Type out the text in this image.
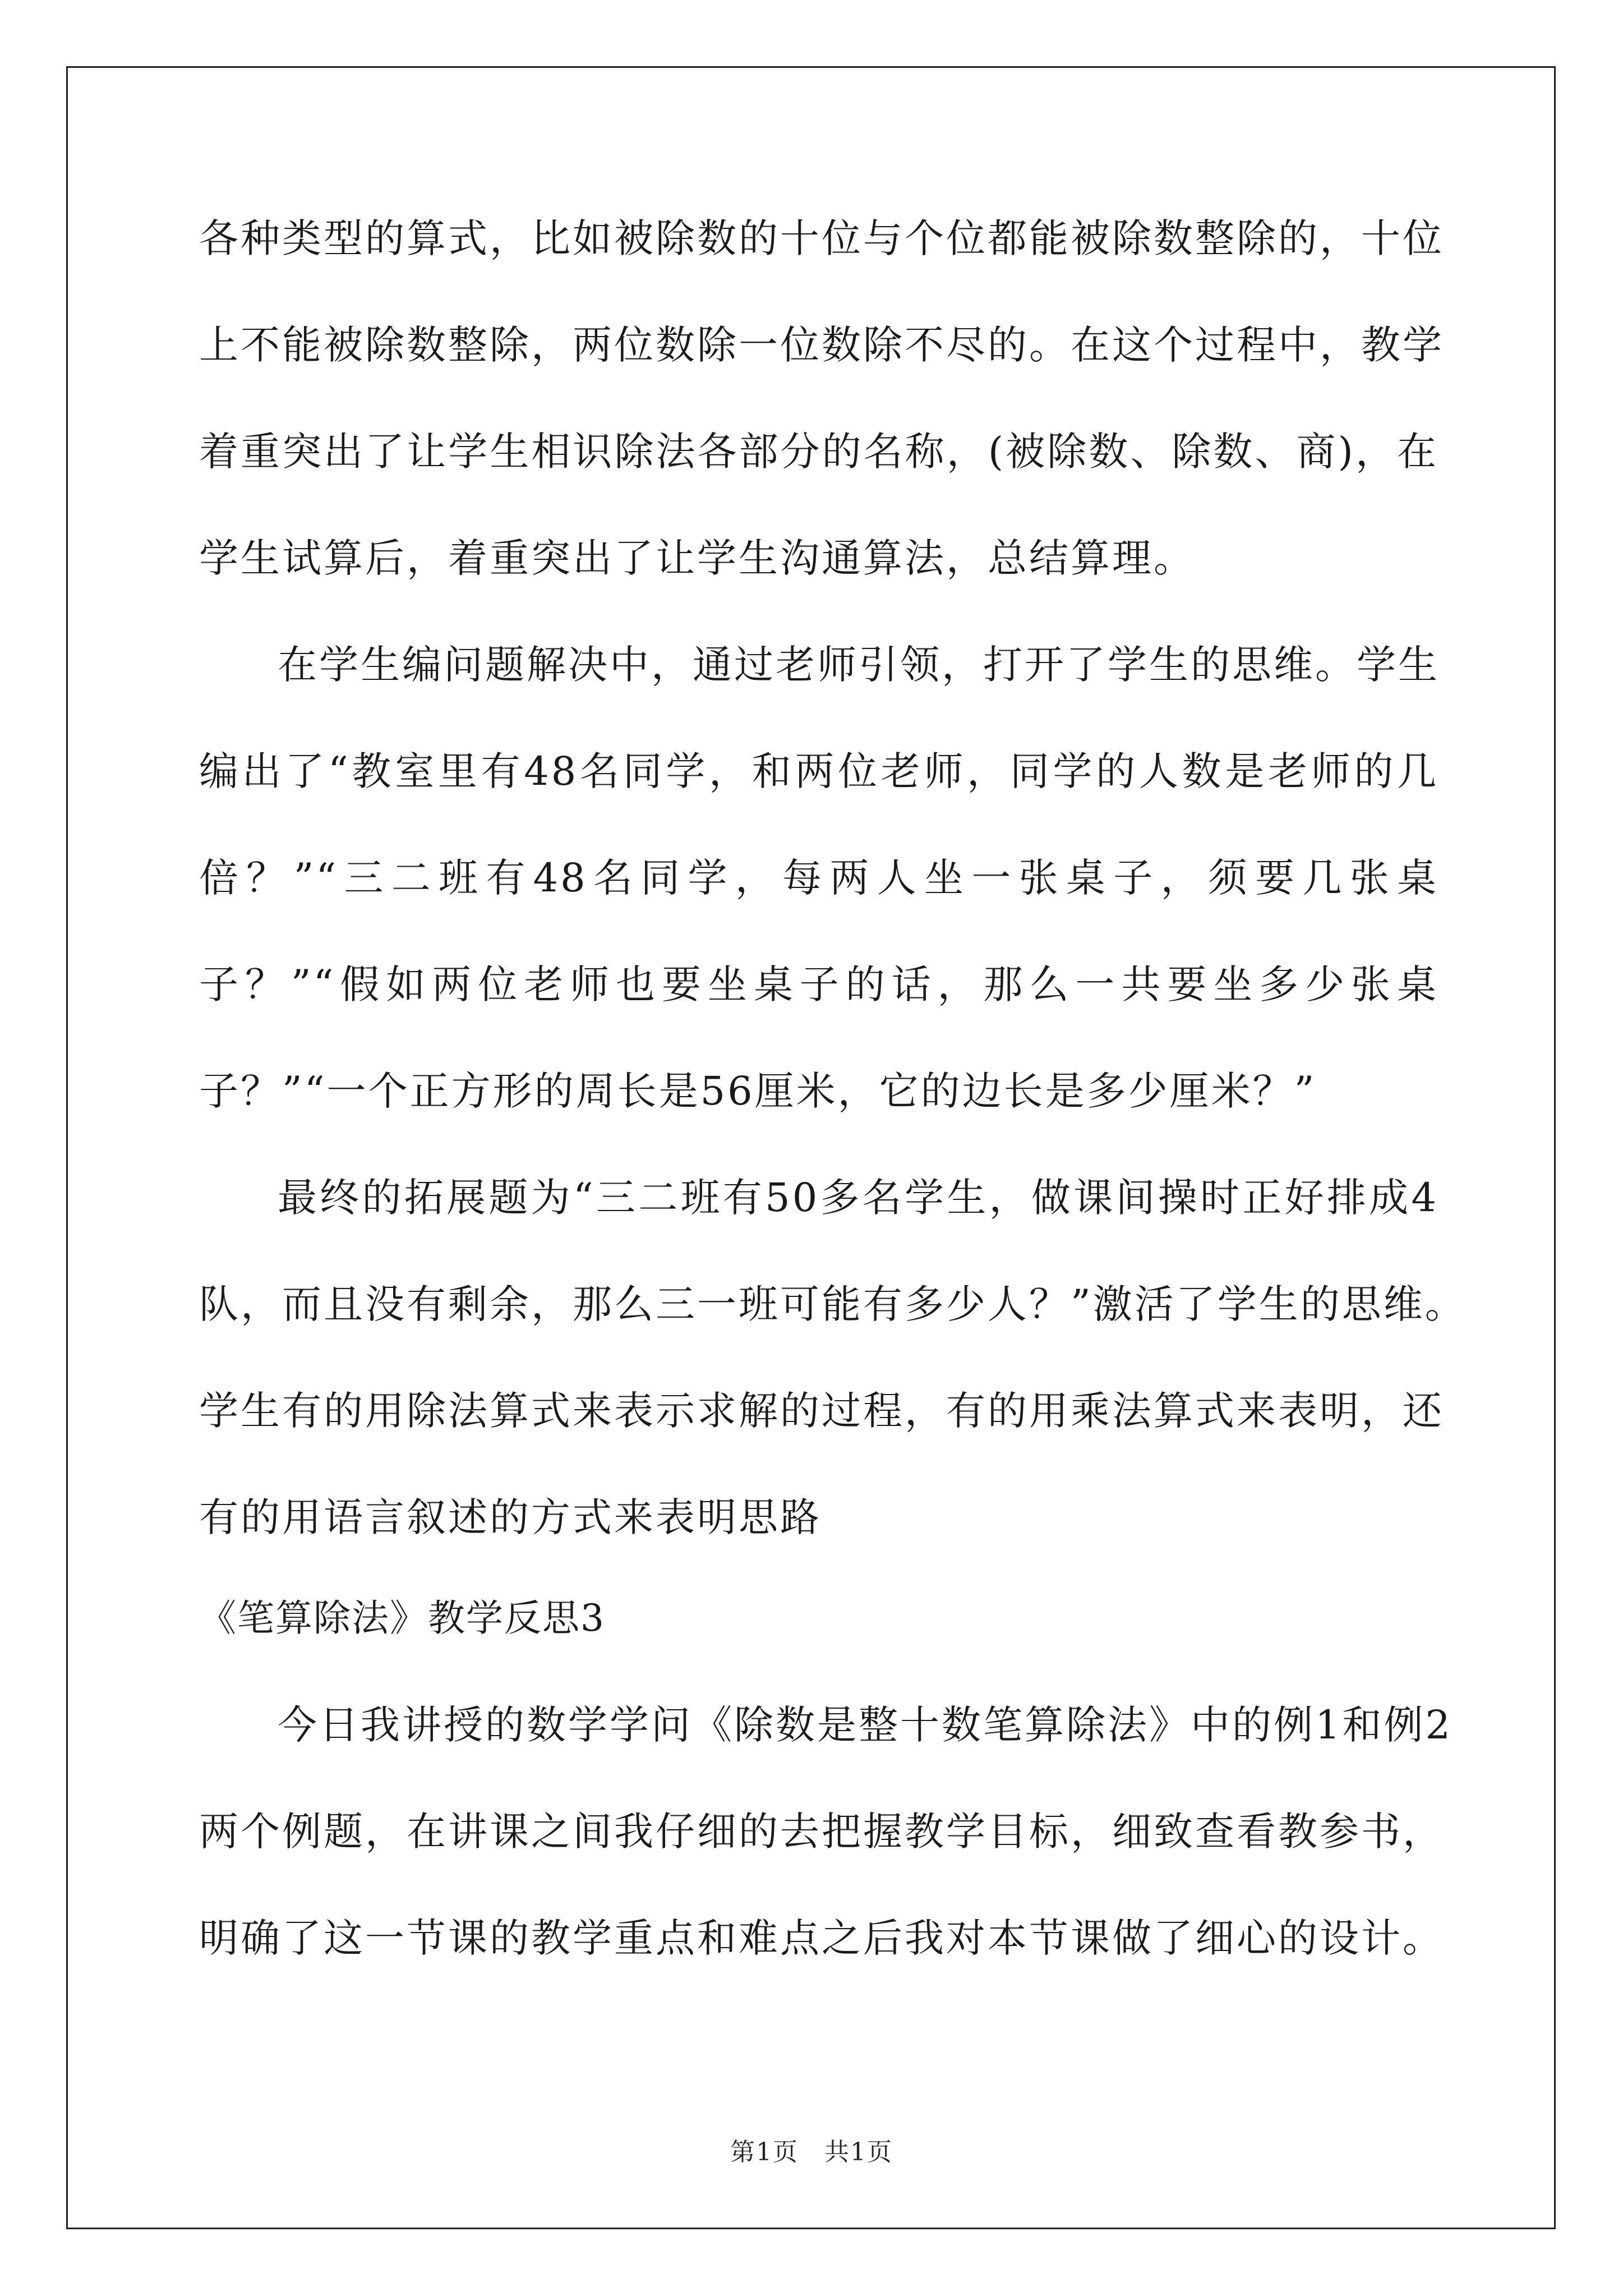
各种类型的算式，比如被除数的十位与个位都能被除数整除的，十位
上不能被除数整除，两位数除一位数除不尽的。在这个过程中，教学
着重突出了让学生相识除法各部分的名称，(被除数、除数、商)，在
学生试算后，着重突出了让学生沟通算法，总结算理。
在学生编问题解决中，通过老师引领，打开了学生的思维。学生
编出了“教室里有48名同学，和两位老师，同学的人数是老师的几
倍？”“三二班有48名同学，每两人坐一张桌子，须要几张桌
子？”“假如两位老师也要坐桌子的话，那么一共要坐多少张桌
子？”“一个正方形的周长是56厘米，它的边长是多少厘米？”
最终的拓展题为“三二班有50多名学生，做课间操时正好排成4
队，而且没有剩余，那么三一班可能有多少人？”激活了学生的思维。
学生有的用除法算式来表示求解的过程，有的用乘法算式来表明，还
有的用语言叙述的方式来表明思路
《笔算除法》教学反思3
今日我讲授的数学学问《除数是整十数笔算除法》中的例1和例2
两个例题，在讲课之间我仔细的去把握教学目标，细致查看教参书，
明确了这一节课的教学重点和难点之后我对本节课做了细心的设计。
第1页　共1页
